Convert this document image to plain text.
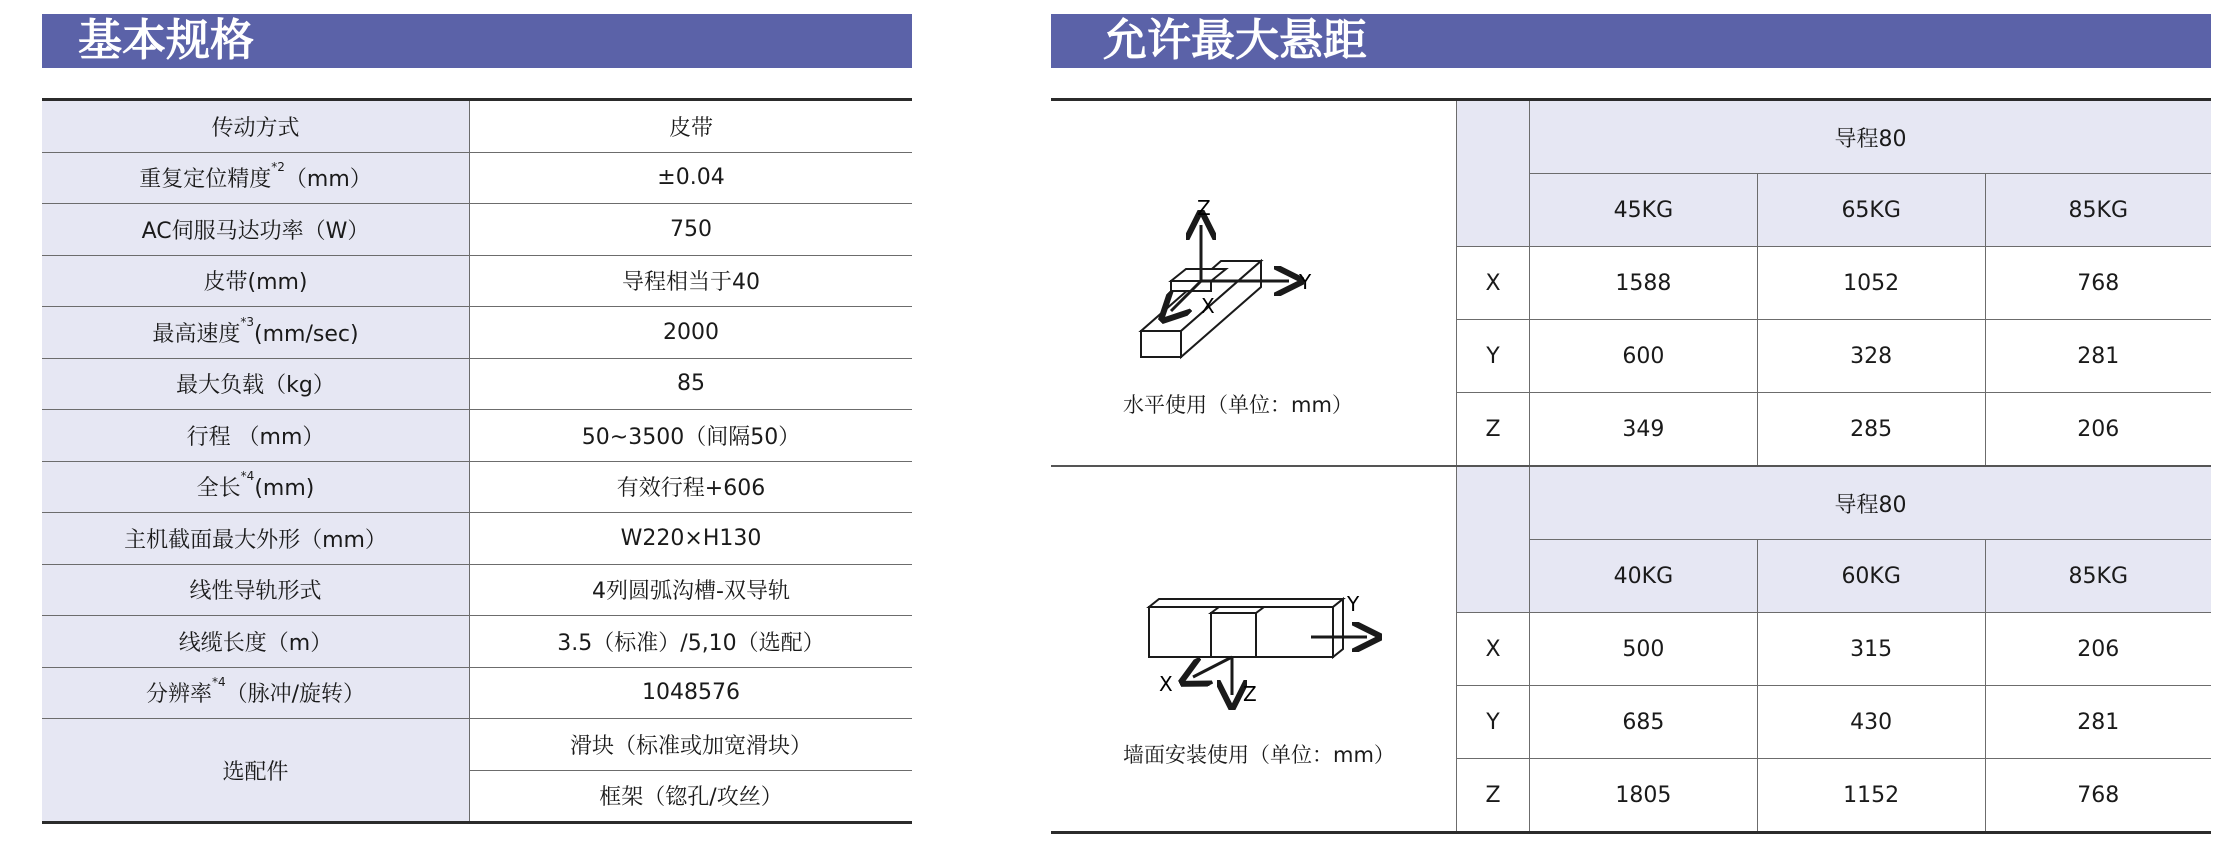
基本规格	允许最大悬距
传动方式	皮带
重复定位精度$^{*2}$（mm）	±0.04
AC伺服马达功率（W）	750
皮带(mm)	导程相当于40
最高速度$^{*3}$(mm/sec)	2000
最大负载（kg）	85
行程 （mm）	50~3500（间隔50）
全长$^{*4}$(mm)	有效行程+606
主机截面最大外形（mm）	W220×H130
线性导轨形式	4列圆弧沟槽-双导轨
线缆长度（m）	3.5（标准）/5,10（选配）
分辨率$^{*4}$（脉冲/旋转）	1048576
选配件	滑块（标准或加宽滑块）
	框架（锪孔/攻丝）
Z
Y
X
水平使用（单位：mm）		导程80		
		45KG	65KG	85KG
	X	1588	1052	768
	Y	600	328	281
	Z	349	285	206

Z
Y
X
墙面安装使用（单位：mm）		导程80		
		40KG	60KG	85KG
	X	500	315	206
	Y	685	430	281
	Z	1805	1152	768
